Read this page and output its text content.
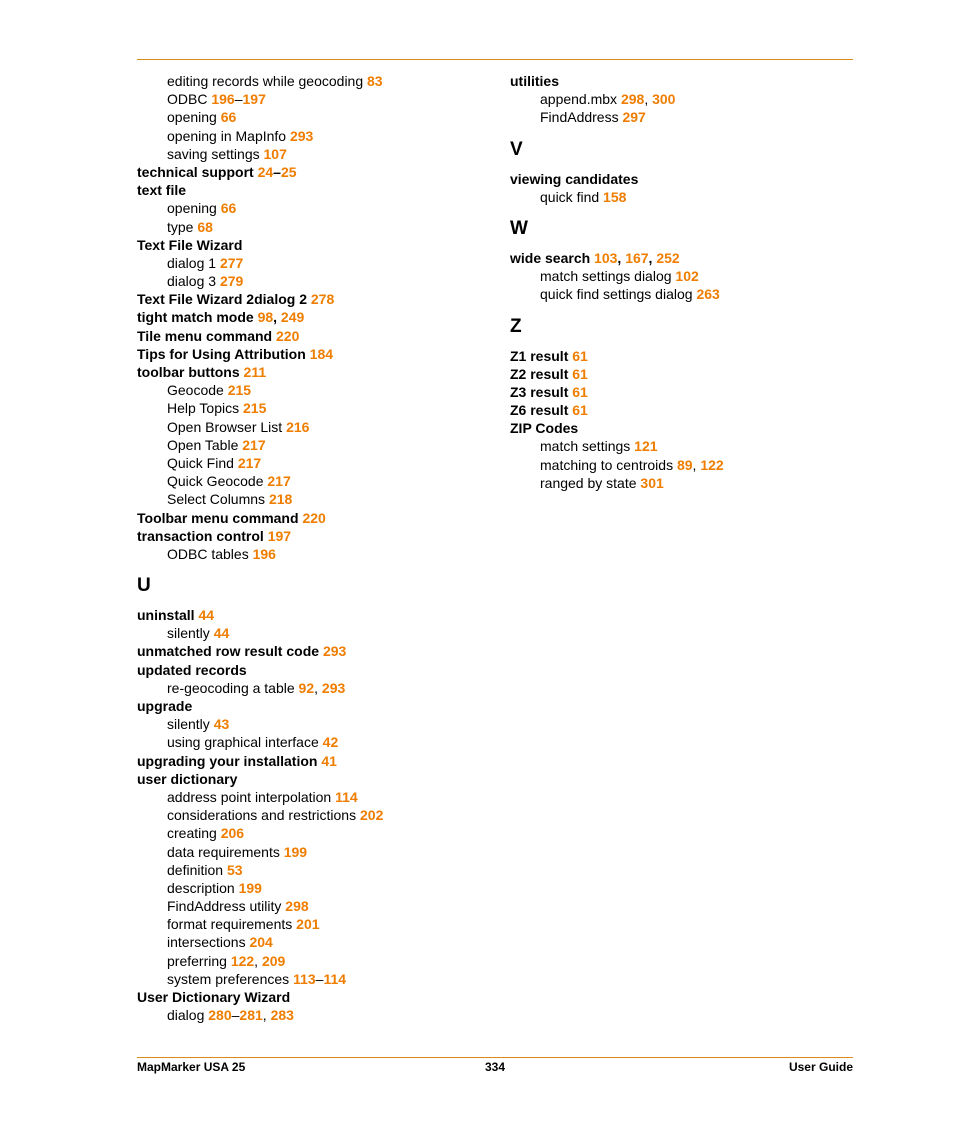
editing records while geocoding 83
ODBC 196–197
opening 66
opening in MapInfo 293
saving settings 107
technical support 24–25
text file
opening 66
type 68
Text File Wizard
dialog 1 277
dialog 3 279
Text File Wizard 2dialog 2 278
tight match mode 98, 249
Tile menu command 220
Tips for Using Attribution 184
toolbar buttons 211
Geocode 215
Help Topics 215
Open Browser List 216
Open Table 217
Quick Find 217
Quick Geocode 217
Select Columns 218
Toolbar menu command 220
transaction control 197
ODBC tables 196
U
uninstall 44
silently 44
unmatched row result code 293
updated records
re-geocoding a table 92, 293
upgrade
silently 43
using graphical interface 42
upgrading your installation 41
user dictionary
address point interpolation 114
considerations and restrictions 202
creating 206
data requirements 199
definition 53
description 199
FindAddress utility 298
format requirements 201
intersections 204
preferring 122, 209
system preferences 113–114
User Dictionary Wizard
dialog 280–281, 283
utilities
append.mbx 298, 300
FindAddress 297
V
viewing candidates
quick find 158
W
wide search 103, 167, 252
match settings dialog 102
quick find settings dialog 263
Z
Z1 result 61
Z2 result 61
Z3 result 61
Z6 result 61
ZIP Codes
match settings 121
matching to centroids 89, 122
ranged by state 301
MapMarker USA 25	334	User Guide
